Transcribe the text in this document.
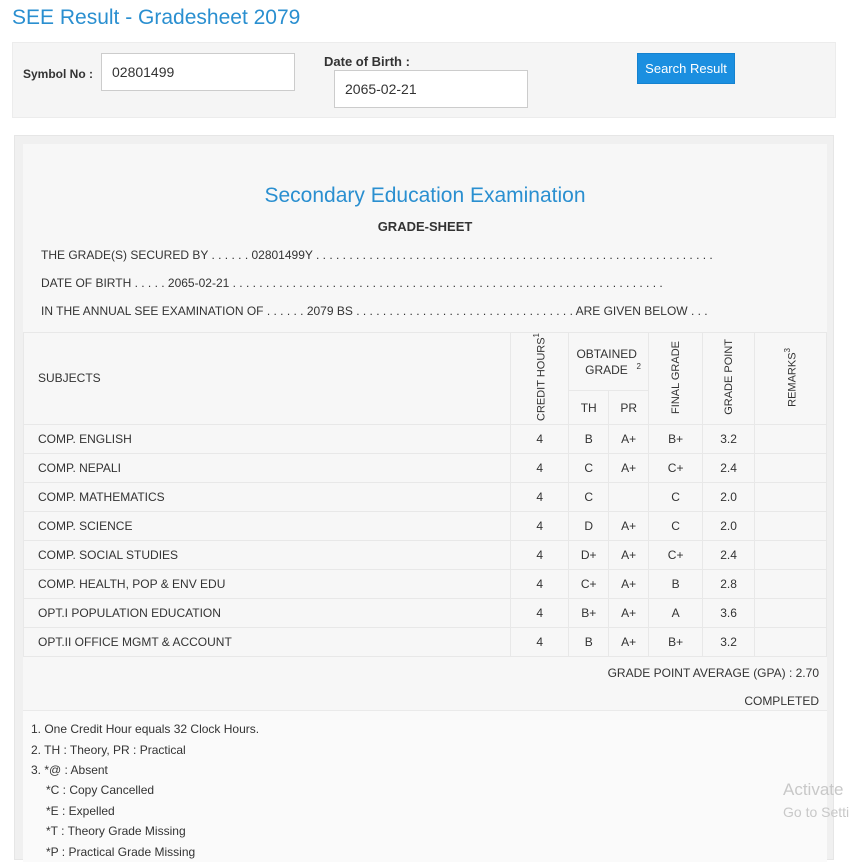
SEE Result - Gradesheet 2079
Symbol No :	02801499
Date of Birth :
2065-02-21
Search Result
Secondary Education Examination
GRADE-SHEET
THE GRADE(S) SECURED BY . . . . . . 02801499Y . . . . . . . . . . . . . . . . . . . . . . . . . . . . . . . . . . . . . . . . . . . . . . . . . . . . . . . . . . . .
DATE OF BIRTH . . . . . 2065-02-21 . . . . . . . . . . . . . . . . . . . . . . . . . . . . . . . . . . . . . . . . . . . . . . . . . . . . . . . . . . . . . . . . .
IN THE ANNUAL SEE EXAMINATION OF . . . . . . 2079 BS . . . . . . . . . . . . . . . . . . . . . . . . . . . . . . . . . ARE GIVEN BELOW . . .
SUBJECTS	CREDIT HOURS$^1$	OBTAINED GRADE $^2$		FINAL GRADE	GRADE POINT	REMARKS$^3$
		TH	PR			
COMP. ENGLISH	4	B	A+	B+	3.2	
COMP. NEPALI	4	C	A+	C+	2.4	
COMP. MATHEMATICS	4	C		C	2.0	
COMP. SCIENCE	4	D	A+	C	2.0	
COMP. SOCIAL STUDIES	4	D+	A+	C+	2.4	
COMP. HEALTH, POP & ENV EDU	4	C+	A+	B	2.8	
OPT.I POPULATION EDUCATION	4	B+	A+	A	3.6	
OPT.II OFFICE MGMT & ACCOUNT	4	B	A+	B+	3.2	
GRADE POINT AVERAGE (GPA) : 2.70
COMPLETED
1. One Credit Hour equals 32 Clock Hours.
2. TH : Theory, PR : Practical
3. *@ : Absent
*C : Copy Cancelled
*E : Expelled
*T : Theory Grade Missing
*P : Practical Grade Missing
Activate
Go to Setti
